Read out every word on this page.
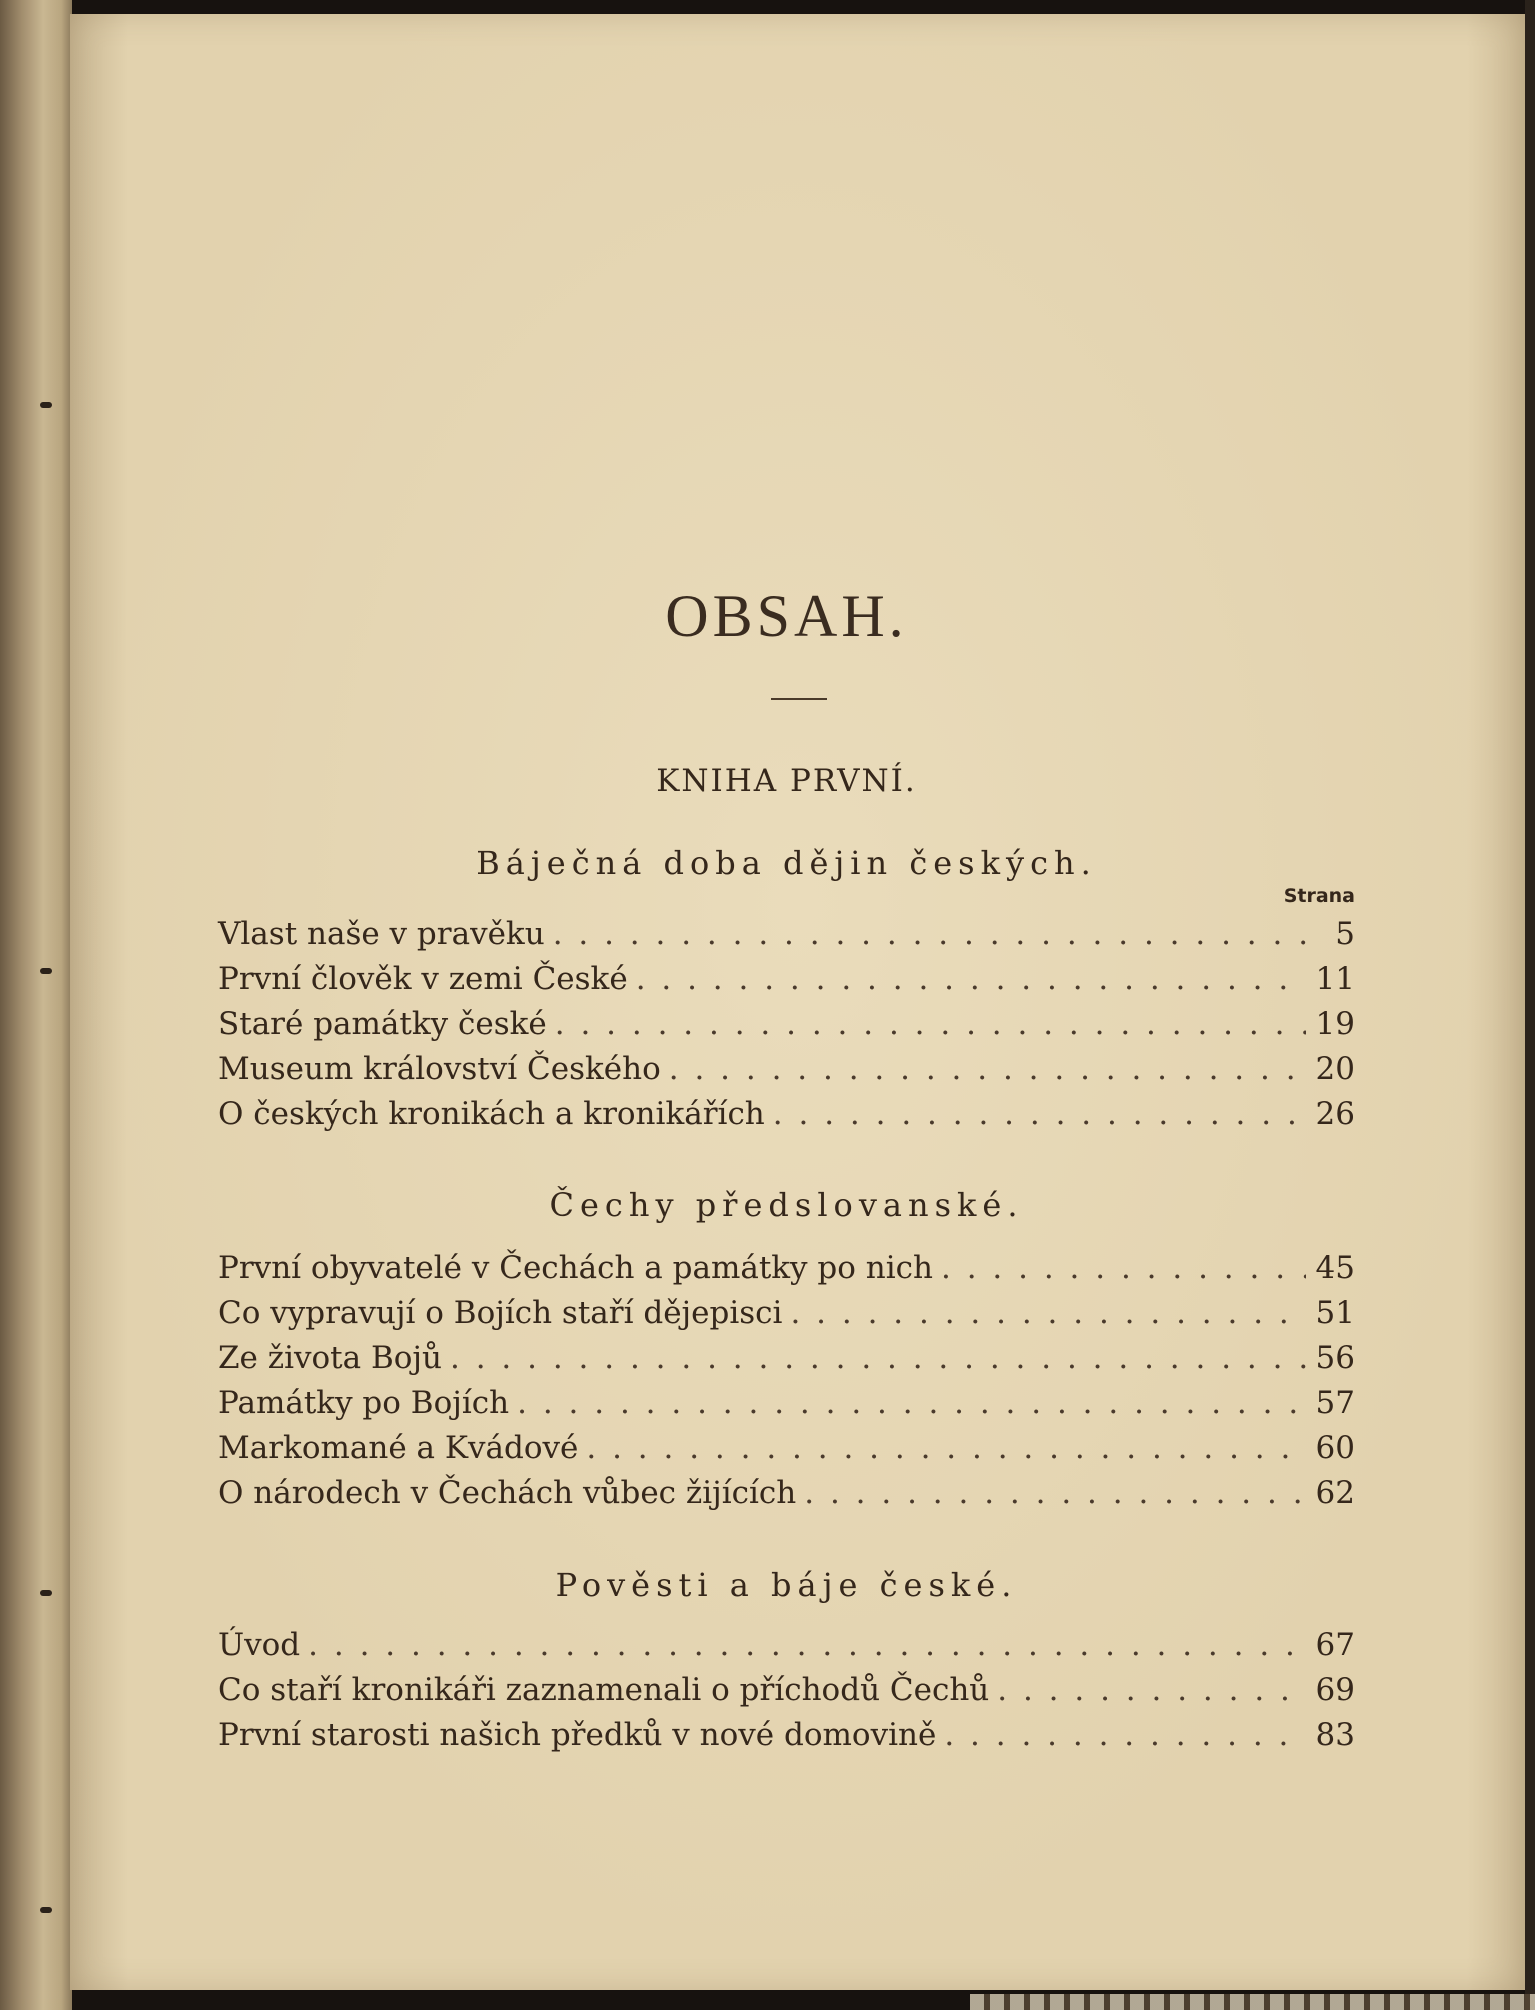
OBSAH.
KNIHA PRVNÍ.
Báječná doba dějin českých.
Strana
Vlast naše v pravěku . . .	5
První člověk v zemi České . . .	11
Staré památky české . . .	19
Museum království Českého . . .	20
O českých kronikách a kronikářích . . .	26
Čechy předslovanské.
První obyvatelé v Čechách a památky po nich . . .	45
Co vypravují o Bojích staří dějepisci . . .	51
Ze života Bojů . . .	56
Památky po Bojích . . .	57
Markomané a Kvádové . . .	60
O národech v Čechách vůbec žijících . . .	62
Pověsti a báje české.
Úvod . . .	67
Co staří kronikáři zaznamenali o příchodů Čechů . . .	69
První starosti našich předků v nové domovině . . .	83
